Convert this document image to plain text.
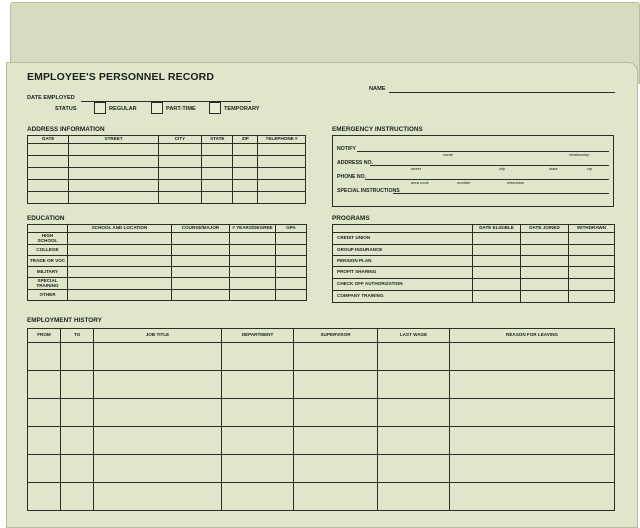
EMPLOYEE'S PERSONNEL RECORD
NAME
DATE EMPLOYED
STATUS	REGULAR	PART-TIME	TEMPORARY
ADDRESS INFORMATION
DATE	STREET	CITY	STATE	ZIP	TELEPHONE #

EMERGENCY INSTRUCTIONS
NOTIFY
name	relationship
ADDRESS NO.
street	city	state	zip
PHONE NO.
area code	number	extension
SPECIAL INSTRUCTIONS
EDUCATION
	SCHOOL AND LOCATION	COURSE/MAJOR	# YEARS/DEGREE	GPA
HIGH SCHOOL				
COLLEGE				
TRADE OR VOC				
MILITARY				
SPECIAL TRAINING				
OTHER				
PROGRAMS
	DATE ELIGIBLE	DATE JOINED	WITHDRAWN
CREDIT UNION			
GROUP INSURANCE			
PENSION PLAN			
PROFIT SHARING			
CHECK OFF AUTHORIZATION			
COMPANY TRAINING			
EMPLOYMENT HISTORY
FROM	TO	JOB TITLE	DEPARTMENT	SUPERVISOR	LAST WAGE	REASON FOR LEAVING
